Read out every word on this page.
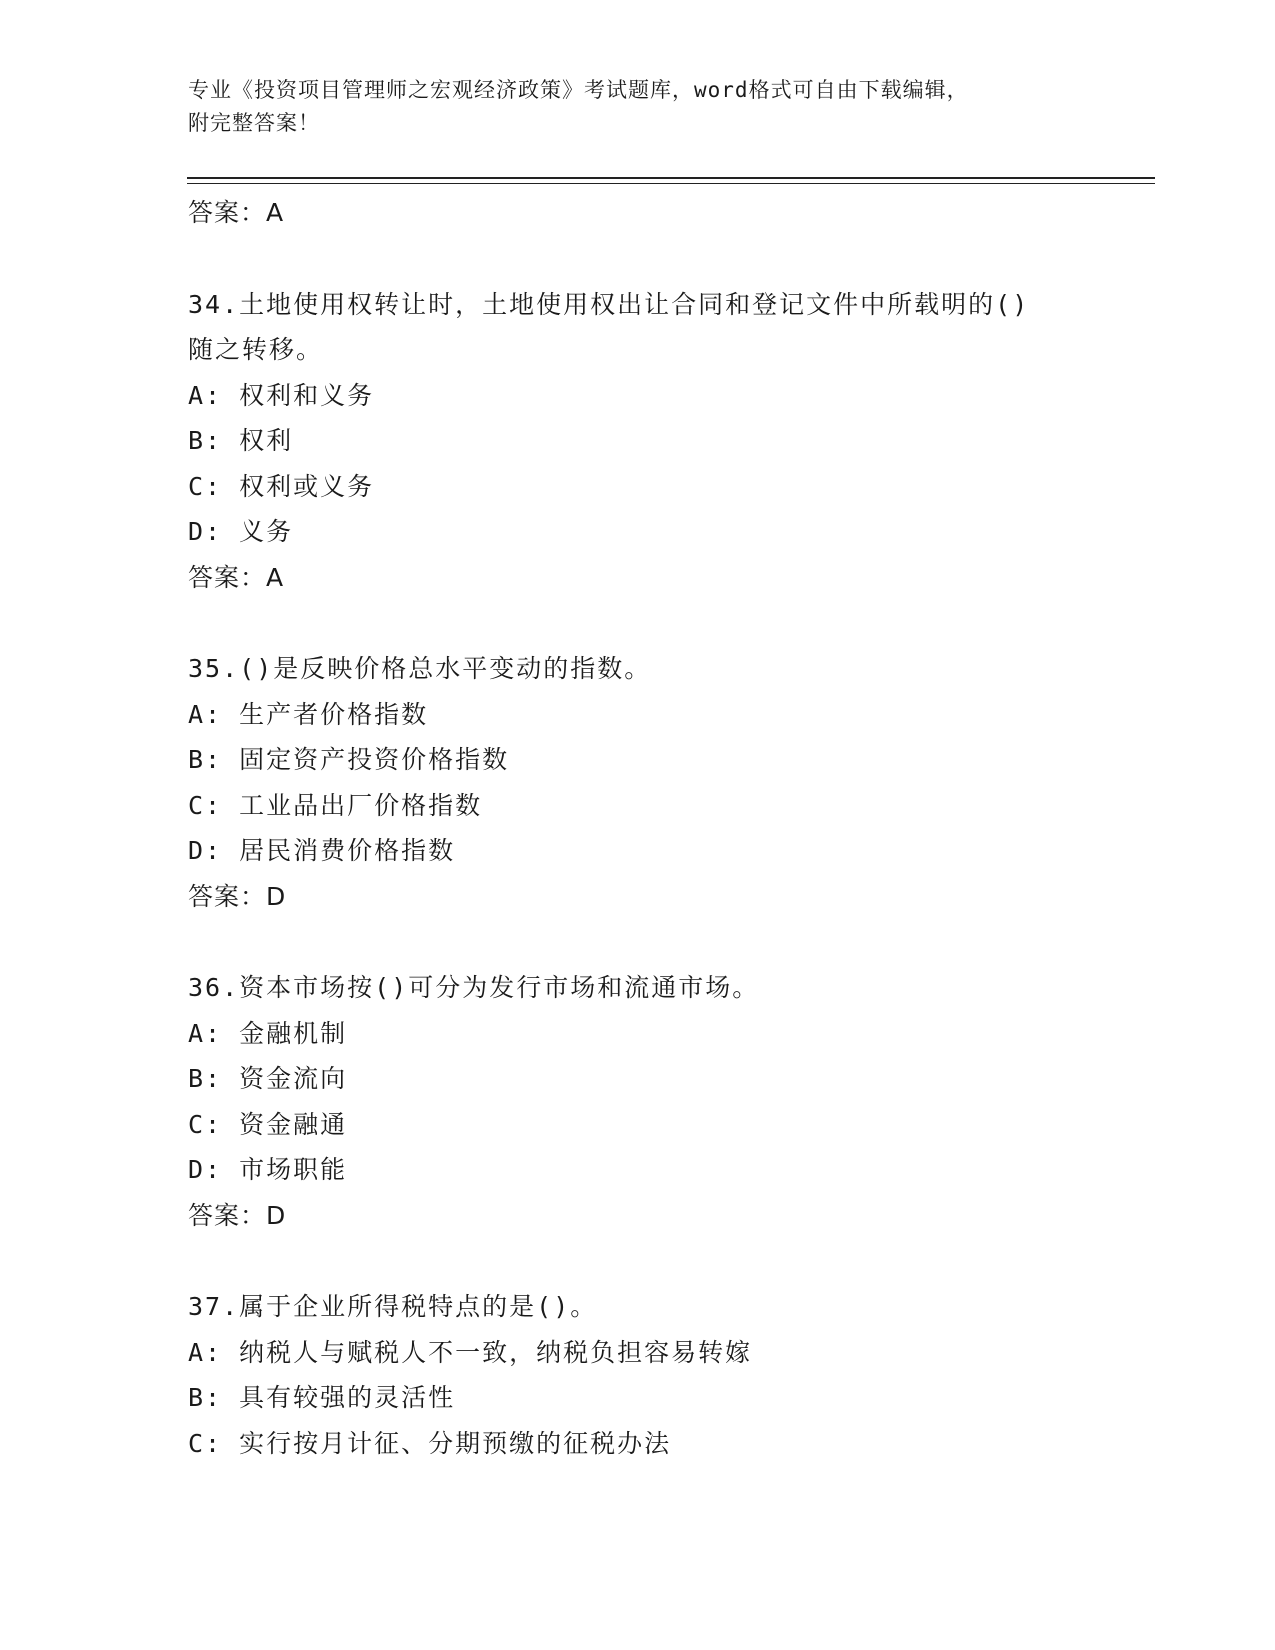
专业《投资项目管理师之宏观经济政策》考试题库，word格式可自由下载编辑，
附完整答案！
答案：A
34.土地使用权转让时，土地使用权出让合同和登记文件中所载明的()
随之转移。
A: 权利和义务
B: 权利
C: 权利或义务
D: 义务
答案：A
35.()是反映价格总水平变动的指数。
A: 生产者价格指数
B: 固定资产投资价格指数
C: 工业品出厂价格指数
D: 居民消费价格指数
答案：D
36.资本市场按()可分为发行市场和流通市场。
A: 金融机制
B: 资金流向
C: 资金融通
D: 市场职能
答案：D
37.属于企业所得税特点的是()。
A: 纳税人与赋税人不一致，纳税负担容易转嫁
B: 具有较强的灵活性
C: 实行按月计征、分期预缴的征税办法
